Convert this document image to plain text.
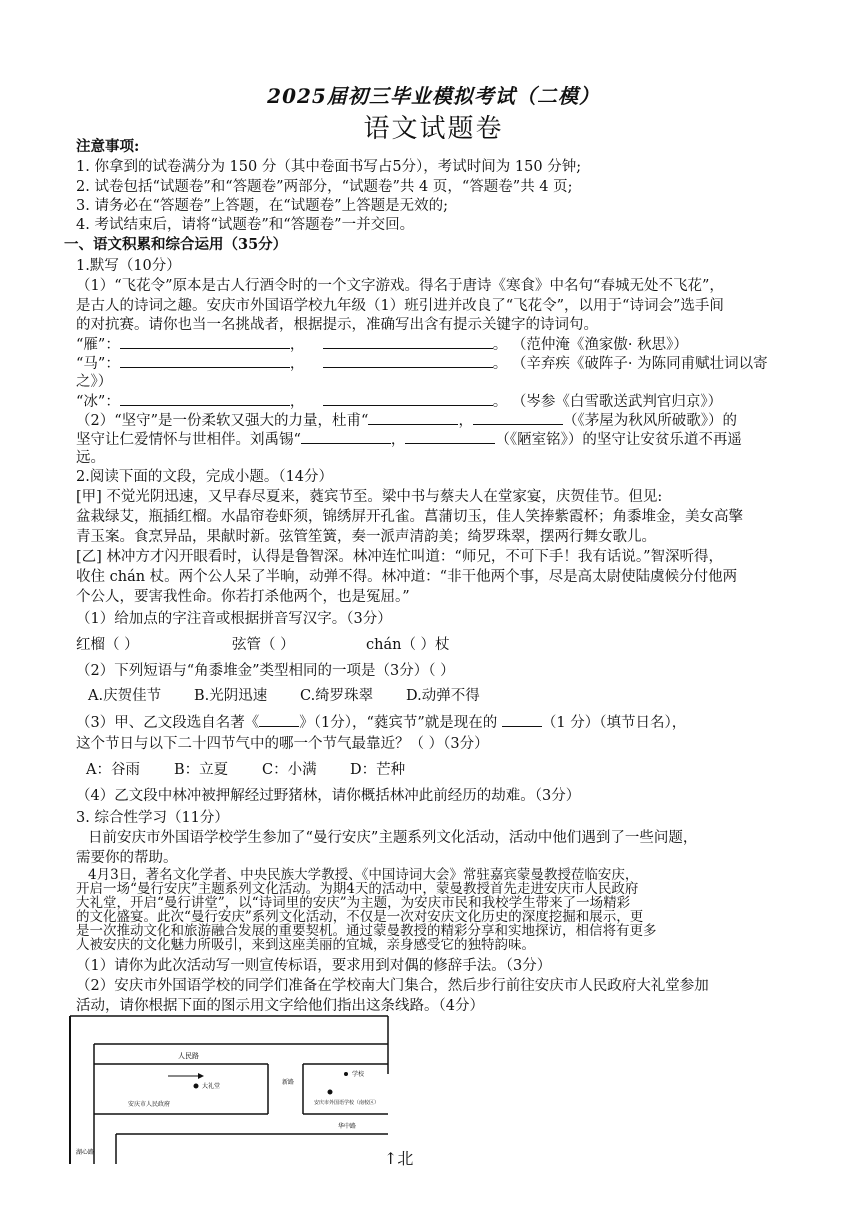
2025届初三毕业模拟考试（二模）
语文试题卷
注意事项:
1. 你拿到的试卷满分为 150 分（其中卷面书写占5分），考试时间为 150 分钟;
2. 试卷包括“试题卷”和“答题卷”两部分，“试题卷”共 4 页，“答题卷”共 4 页;
3. 请务必在“答题卷”上答题，在“试题卷”上答题是无效的;
4. 考试结束后，请将“试题卷”和“答题卷”一并交回。
一、语文积累和综合运用（35分）
1.默写（10分）
（1）“飞花令”原本是古人行酒令时的一个文字游戏。得名于唐诗《寒食》中名句“春城无处不飞花”，
是古人的诗词之趣。安庆市外国语学校九年级（1）班引进并改良了“飞花令”，以用于“诗词会”选手间
的对抗赛。请你也当一名挑战者，根据提示，准确写出含有提示关键字的诗词句。
“雁”：	，	。 （范仲淹《渔家傲· 秋思》）
“马”：	，	。 （辛弃疾《破阵子· 为陈同甫赋壮词以寄
之》）
“冰”：	，	。 （岑参《白雪歌送武判官归京》）
（2）“坚守”是一份柔软又强大的力量，杜甫“	，	（《茅屋为秋风所破歌》）的
坚守让仁爱情怀与世相伴。刘禹锡“	，	（《陋室铭》）的坚守让安贫乐道不再遥
远。
2.阅读下面的文段，完成小题。（14分）
[甲] 不觉光阴迅速，又早春尽夏来，蕤宾节至。梁中书与蔡夫人在堂家宴，庆贺佳节。但见:
盆栽绿艾，瓶插红榴。水晶帘卷虾须，锦绣屏开孔雀。菖蒲切玉，佳人笑捧紫霞杯；角黍堆金，美女高擎
青玉案。食烹异品，果献时新。弦管笙簧，奏一派声清韵美；绮罗珠翠，摆两行舞女歌儿。
[乙] 林冲方才闪开眼看时，认得是鲁智深。林冲连忙叫道：“师兄，不可下手！我有话说。”智深听得，
收住 chán 杖。两个公人呆了半晌，动弹不得。林冲道：“非干他两个事，尽是高太尉使陆虞候分付他两
个公人，要害我性命。你若打杀他两个，也是冤屈。”
（1）给加点的字注音或根据拼音写汉字。（3分）
红榴（ ）	弦管（ ）	chán（ ）杖
（2）下列短语与“角黍堆金”类型相同的一项是（3分）（ ）
A.庆贺佳节 B.光阴迅速 C.绮罗珠翠 D.动弹不得
（3）甲、乙文段选自名著《	》（1分），“蕤宾节”就是现在的	（1 分）（填节日名），
这个节日与以下二十四节气中的哪一个节气最靠近？（ ）（3分）
A：谷雨 B：立夏 C：小满 D：芒种
（4）乙文段中林冲被押解经过野猪林，请你概括林冲此前经历的劫难。（3分）
3. 综合性学习（11分）
日前安庆市外国语学校学生参加了“曼行安庆”主题系列文化活动，活动中他们遇到了一些问题，
需要你的帮助。
4月3日，著名文化学者、中央民族大学教授、《中国诗词大会》常驻嘉宾蒙曼教授莅临安庆，
开启一场“曼行安庆”主题系列文化活动。为期4天的活动中，蒙曼教授首先走进安庆市人民政府
大礼堂，开启“曼行讲堂”，以“诗词里的安庆”为主题，为安庆市民和我校学生带来了一场精彩
的文化盛宴。此次“曼行安庆”系列文化活动，不仅是一次对安庆文化历史的深度挖掘和展示，更
是一次推动文化和旅游融合发展的重要契机。通过蒙曼教授的精彩分享和实地探访，相信将有更多
人被安庆的文化魅力所吸引，来到这座美丽的宜城，亲身感受它的独特韵味。
（1）请你为此次活动写一则宣传标语，要求用到对偶的修辞手法。（3分）
人民路
大礼堂
安庆市人民政府
新路
学校
安庆市外国语学校（南校区）
华中路
湖心路	↑北
（2）安庆市外国语学校的同学们准备在学校南大门集合，然后步行前往安庆市人民政府大礼堂参加
活动，请你根据下面的图示用文字给他们指出这条线路。（4分）
